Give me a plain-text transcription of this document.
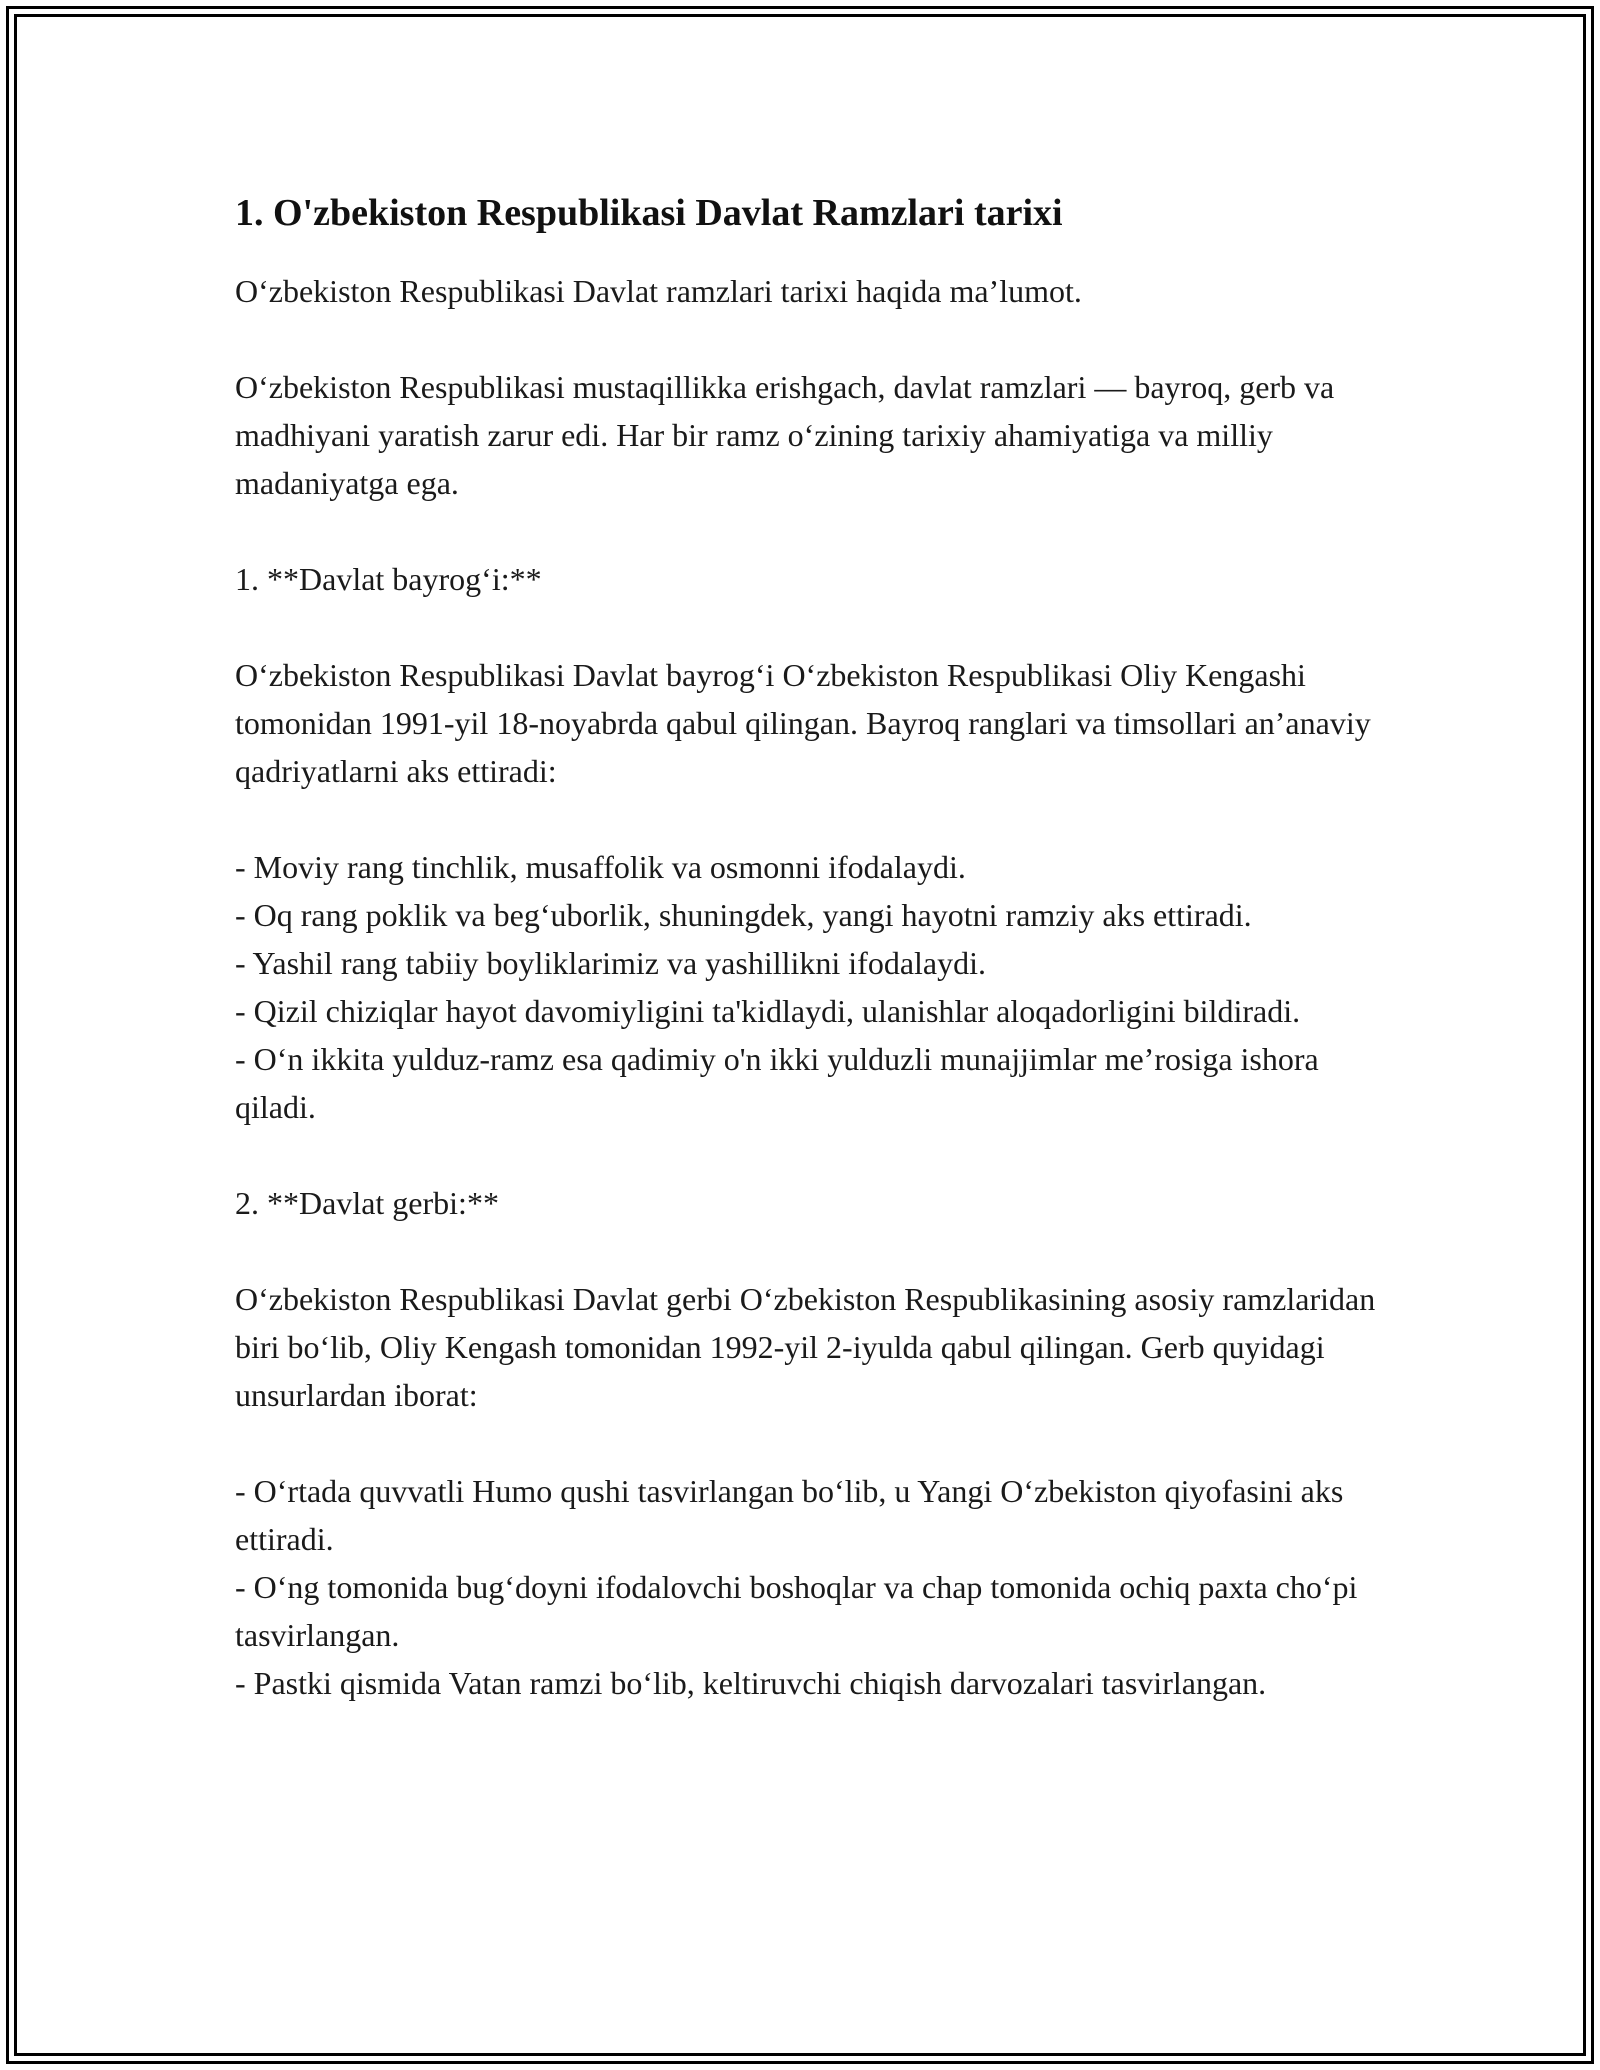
1. O'zbekiston Respublikasi Davlat Ramzlari tarixi

O‘zbekiston Respublikasi Davlat ramzlari tarixi haqida ma’lumot.

O‘zbekiston Respublikasi mustaqillikka erishgach, davlat ramzlari — bayroq, gerb va madhiyani yaratish zarur edi. Har bir ramz o‘zining tarixiy ahamiyatiga va milliy madaniyatga ega.

1. **Davlat bayrog‘i:**

O‘zbekiston Respublikasi Davlat bayrog‘i O‘zbekiston Respublikasi Oliy Kengashi tomonidan 1991-yil 18-noyabrda qabul qilingan. Bayroq ranglari va timsollari an’anaviy qadriyatlarni aks ettiradi:

- Moviy rang tinchlik, musaffolik va osmonni ifodalaydi.
- Oq rang poklik va beg‘uborlik, shuningdek, yangi hayotni ramziy aks ettiradi.
- Yashil rang tabiiy boyliklarimiz va yashillikni ifodalaydi.
- Qizil chiziqlar hayot davomiyligini ta'kidlaydi, ulanishlar aloqadorligini bildiradi.
- O‘n ikkita yulduz-ramz esa qadimiy o'n ikki yulduzli munajjimlar me’rosiga ishora qiladi.

2. **Davlat gerbi:**

O‘zbekiston Respublikasi Davlat gerbi O‘zbekiston Respublikasining asosiy ramzlaridan biri bo‘lib, Oliy Kengash tomonidan 1992-yil 2-iyulda qabul qilingan. Gerb quyidagi unsurlardan iborat:

- O‘rtada quvvatli Humo qushi tasvirlangan bo‘lib, u Yangi O‘zbekiston qiyofasini aks ettiradi.
- O‘ng tomonida bug‘doyni ifodalovchi boshoqlar va chap tomonida ochiq paxta cho‘pi tasvirlangan.
- Pastki qismida Vatan ramzi bo‘lib, keltiruvchi chiqish darvozalari tasvirlangan.
